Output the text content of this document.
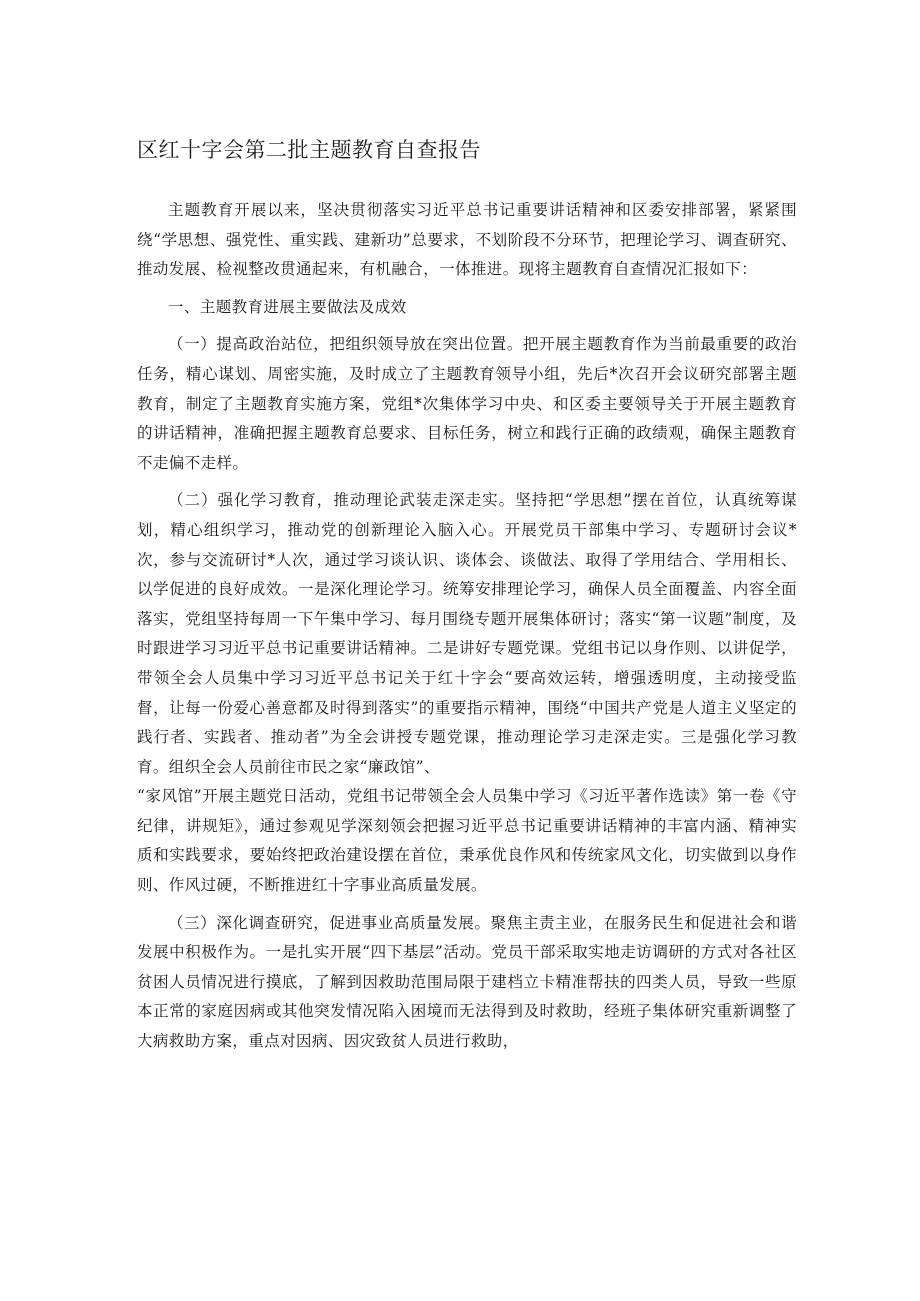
区红十字会第二批主题教育自查报告

主题教育开展以来，坚决贯彻落实习近平总书记重要讲话精神和区委安排部署，紧紧围绕“学思想、强党性、重实践、建新功”总要求，不划阶段不分环节，把理论学习、调查研究、推动发展、检视整改贯通起来，有机融合，一体推进。现将主题教育自查情况汇报如下：

一、主题教育进展主要做法及成效

（一）提高政治站位，把组织领导放在突出位置。把开展主题教育作为当前最重要的政治任务，精心谋划、周密实施，及时成立了主题教育领导小组，先后*次召开会议研究部署主题教育，制定了主题教育实施方案，党组*次集体学习中央、和区委主要领导关于开展主题教育的讲话精神，准确把握主题教育总要求、目标任务，树立和践行正确的政绩观，确保主题教育不走偏不走样。

（二）强化学习教育，推动理论武装走深走实。坚持把“学思想”摆在首位，认真统筹谋划，精心组织学习，推动党的创新理论入脑入心。开展党员干部集中学习、专题研讨会议*次，参与交流研讨*人次，通过学习谈认识、谈体会、谈做法、取得了学用结合、学用相长、以学促进的良好成效。一是深化理论学习。统筹安排理论学习，确保人员全面覆盖、内容全面落实，党组坚持每周一下午集中学习、每月围绕专题开展集体研讨；落实“第一议题”制度，及时跟进学习习近平总书记重要讲话精神。二是讲好专题党课。党组书记以身作则、以讲促学，带领全会人员集中学习习近平总书记关于红十字会“要高效运转，增强透明度，主动接受监督，让每一份爱心善意都及时得到落实”的重要指示精神，围绕“中国共产党是人道主义坚定的践行者、实践者、推动者”为全会讲授专题党课，推动理论学习走深走实。三是强化学习教育。组织全会人员前往市民之家“廉政馆”、

“家风馆”开展主题党日活动，党组书记带领全会人员集中学习《习近平著作选读》第一卷《守纪律，讲规矩》，通过参观见学深刻领会把握习近平总书记重要讲话精神的丰富内涵、精神实质和实践要求，要始终把政治建设摆在首位，秉承优良作风和传统家风文化，切实做到以身作则、作风过硬，不断推进红十字事业高质量发展。

（三）深化调查研究，促进事业高质量发展。聚焦主责主业，在服务民生和促进社会和谐发展中积极作为。一是扎实开展“四下基层”活动。党员干部采取实地走访调研的方式对各社区贫困人员情况进行摸底，了解到因救助范围局限于建档立卡精准帮扶的四类人员，导致一些原本正常的家庭因病或其他突发情况陷入困境而无法得到及时救助，经班子集体研究重新调整了大病救助方案，重点对因病、因灾致贫人员进行救助，
